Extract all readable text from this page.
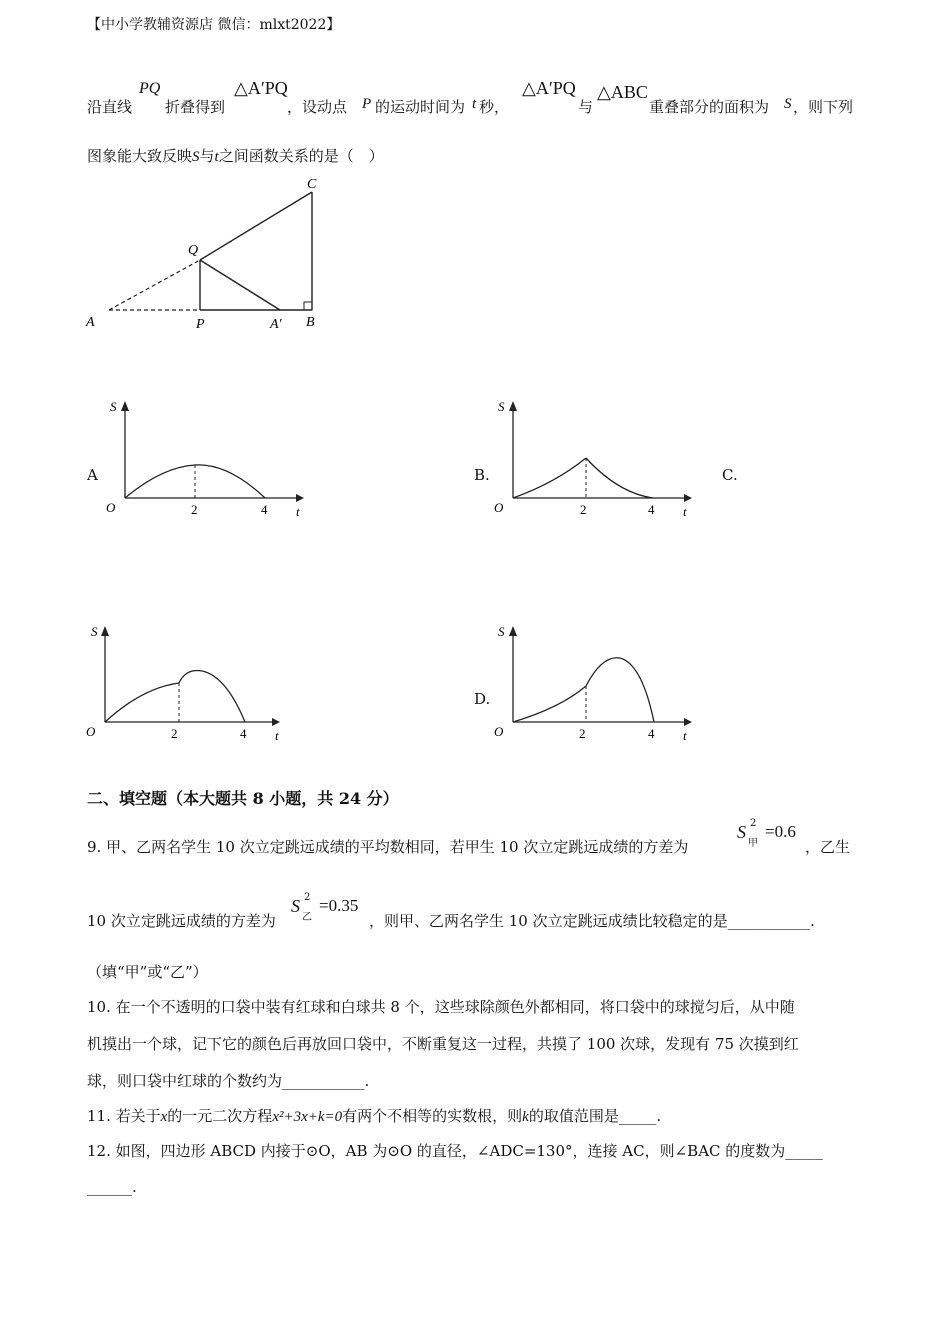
【中小学教辅资源店 微信：mlxt2022】
沿直线
PQ
折叠得到
△A′PQ
，设动点 P 的运动时间为 t 秒，
△A′PQ
与
△ABC
重叠部分的面积为 S ，则下列
图象能大致反映S与t之间函数关系的是（　）
A	P	A′ B
Q
C
A	B.	C.
D.
S
O	2	4 t
S
O	2	4 t
S
O	2	4 t
S
O	2	4 t
二、填空题（本大题共 8 小题，共 24 分）
9. 甲、乙两名学生 10 次立定跳远成绩的平均数相同，若甲生 10 次立定跳远成绩的方差为
S 2
甲
=0.6
，乙生
10 次立定跳远成绩的方差为
S 2
乙
=0.35
，则甲、乙两名学生 10 次立定跳远成绩比较稳定的是___________.
（填“甲”或“乙”）
10. 在一个不透明的口袋中装有红球和白球共 8 个，这些球除颜色外都相同，将口袋中的球搅匀后，从中随
机摸出一个球，记下它的颜色后再放回口袋中，不断重复这一过程，共摸了 100 次球，发现有 75 次摸到红
球，则口袋中红球的个数约为___________.
11. 若关于x的一元二次方程x²+3x+k=0有两个不相等的实数根，则k的取值范围是_____.
12. 如图，四边形 ABCD 内接于⊙O，AB 为⊙O 的直径，∠ADC=130°，连接 AC，则∠BAC 的度数为_____
______.
